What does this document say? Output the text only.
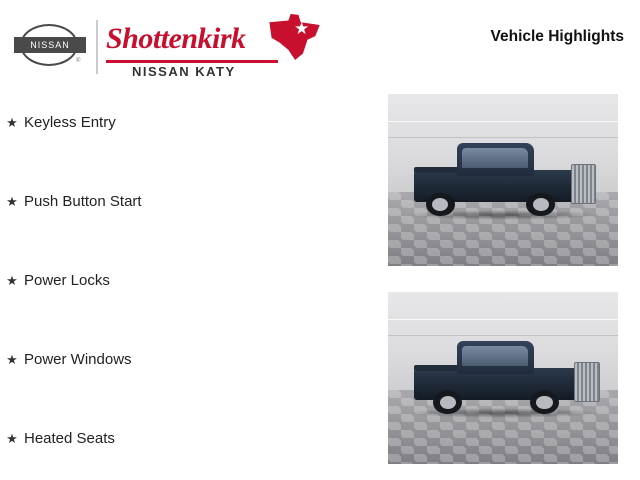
NISSAN
®
Shottenkirk
NISSAN KATY
★	Vehicle Highlights
★ Keyless Entry
★ Push Button Start
★ Power Locks
★ Power Windows
★ Heated Seats
